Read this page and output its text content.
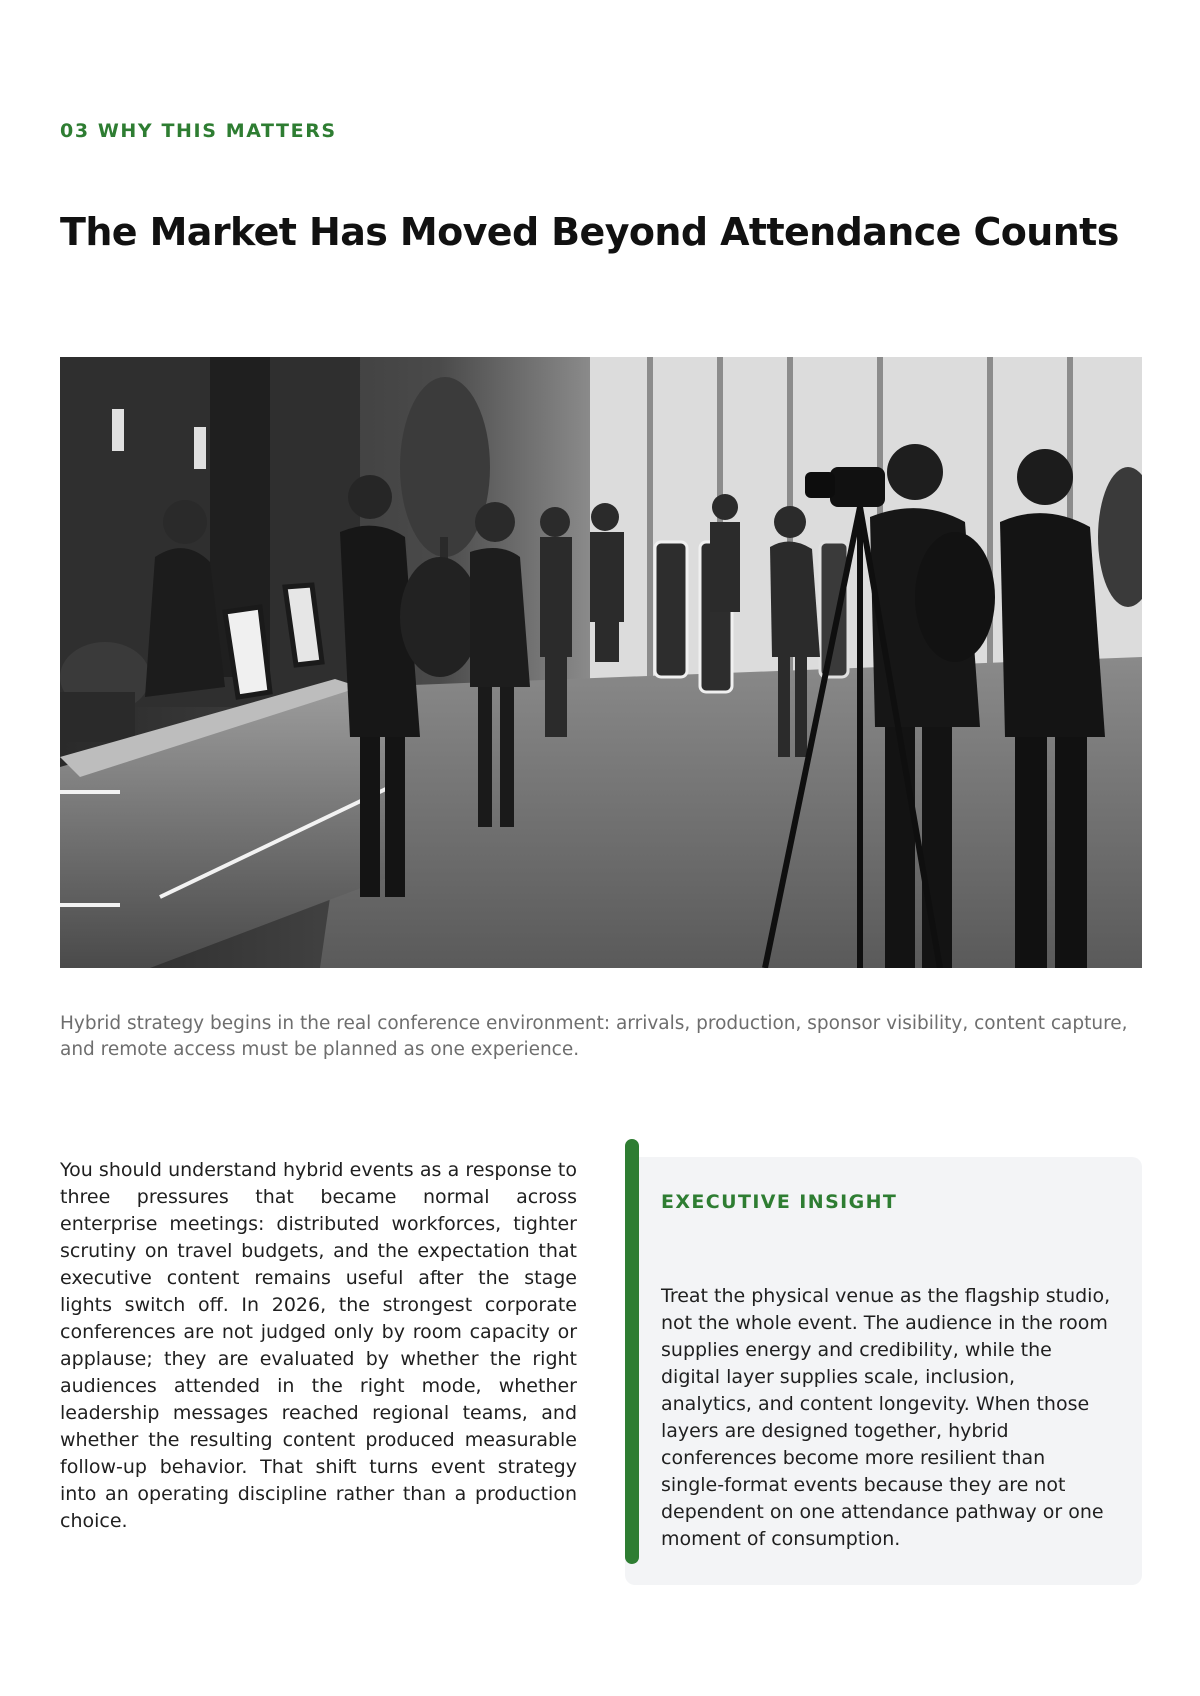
03 WHY THIS MATTERS

The Market Has Moved Beyond Attendance Counts

Hybrid strategy begins in the real conference environment: arrivals, production, sponsor visibility, content capture, and remote access must be planned as one experience.

You should understand hybrid events as a response to three pressures that became normal across enterprise meetings: distributed workforces, tighter scrutiny on travel budgets, and the expectation that executive content remains useful after the stage lights switch off. In 2026, the strongest corporate conferences are not judged only by room capacity or applause; they are evaluated by whether the right audiences attended in the right mode, whether leadership messages reached regional teams, and whether the resulting content produced measurable follow-up behavior. That shift turns event strategy into an operating discipline rather than a production choice.

EXECUTIVE INSIGHT

Treat the physical venue as the flagship studio, not the whole event. The audience in the room supplies energy and credibility, while the digital layer supplies scale, inclusion, analytics, and content longevity. When those layers are designed together, hybrid conferences become more resilient than single-format events because they are not dependent on one attendance pathway or one moment of consumption.
